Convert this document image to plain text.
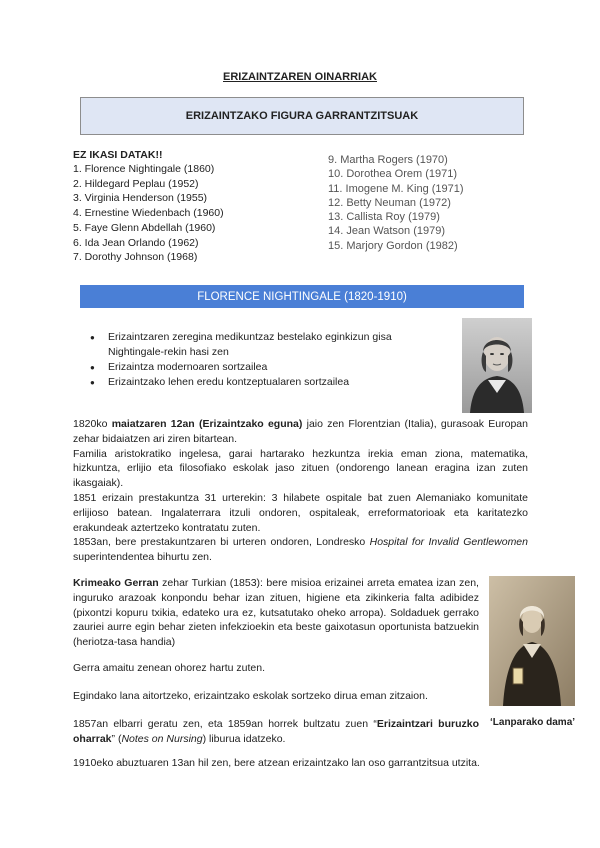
ERIZAINTZAREN OINARRIAK
ERIZAINTZAKO FIGURA GARRANTZITSUAK
EZ IKASI DATAK!!
1. Florence Nightingale (1860)
2. Hildegard Peplau (1952)
3. Virginia Henderson (1955)
4. Ernestine Wiedenbach (1960)
5. Faye Glenn Abdellah (1960)
6. Ida Jean Orlando (1962)
7. Dorothy Johnson (1968)
9. Martha Rogers (1970)
10. Dorothea Orem (1971)
11. Imogene M. King (1971)
12. Betty Neuman (1972)
13. Callista Roy (1979)
14. Jean Watson (1979)
15. Marjory Gordon (1982)
FLORENCE NIGHTINGALE (1820-1910)
● Erizaintzaren zeregina medikuntzaz bestelako eginkizun gisa Nightingale-rekin hasi zen
● Erizaintza modernoaren sortzailea
● Erizaintzako lehen eredu kontzeptualaren sortzailea

1820ko maiatzaren 12an (Erizaintzako eguna) jaio zen Florentzian (Italia), gurasoak Europan zehar bidaiatzen ari ziren bitartean.

Familia aristokratiko ingelesa, garai hartarako hezkuntza irekia eman ziona, matematika, hizkuntza, erlijio eta filosofiako eskolak jaso zituen (ondorengo lanean eragina izan zuten ikasgaiak).

1851 erizain prestakuntza 31 urterekin: 3 hilabete ospitale bat zuen Alemaniako komunitate erlijioso batean. Ingalaterrara itzuli ondoren, ospitaleak, erreformatorioak eta karitatezko erakundeak aztertzeko kontratatu zuten.

1853an, bere prestakuntzaren bi urteren ondoren, Londresko Hospital for Invalid Gentlewomen superintendentea bihurtu zen.

Krimeako Gerran zehar Turkian (1853): bere misioa erizainei arreta ematea izan zen, inguruko arazoak konpondu behar izan zituen, higiene eta zikinkeria falta adibidez (pixontzi kopuru txikia, edateko ura ez, kutsatutako oheko arropa). Soldaduek gerrako zauriei aurre egin behar zieten infekzioekin eta beste gaixotasun oportunista batzuekin (heriotza-tasa handia)

Gerra amaitu zenean ohorez hartu zuten.
Egindako lana aitortzeko, erizaintzako eskolak sortzeko dirua eman zitzaion.

1857an elbarri geratu zen, eta 1859an horrek bultzatu zuen “Erizaintzari buruzko oharrak” (Notes on Nursing) liburua idatzeko.

1910eko abuztuaren 13an hil zen, bere atzean erizaintzako lan oso garrantzitsua utzita.
‘Lanparako dama’
